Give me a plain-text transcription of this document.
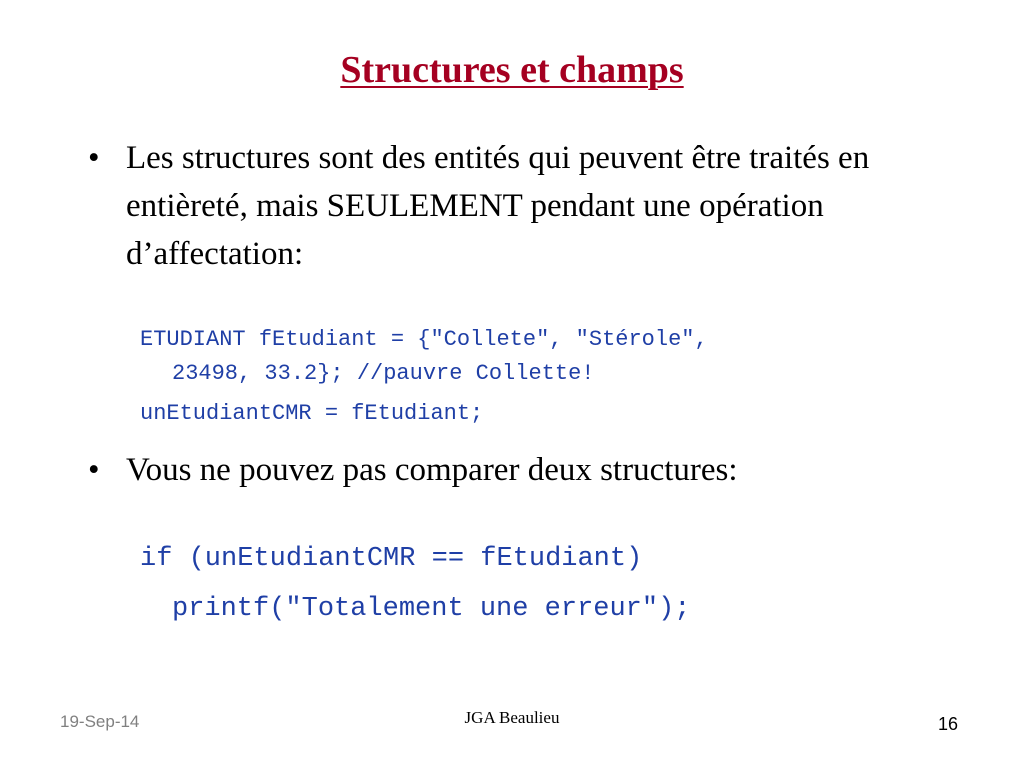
Structures et champs
• Les structures sont des entités qui peuvent être traités en entièreté, mais SEULEMENT pendant une opération d’affectation:
ETUDIANT fEtudiant = {"Collete", "Stérole",
23498, 33.2}; //pauvre Collette!
unEtudiantCMR = fEtudiant;
• Vous ne pouvez pas comparer deux structures:
if (unEtudiantCMR == fEtudiant)
printf("Totalement une erreur");
19-Sep-14	JGA Beaulieu	16
